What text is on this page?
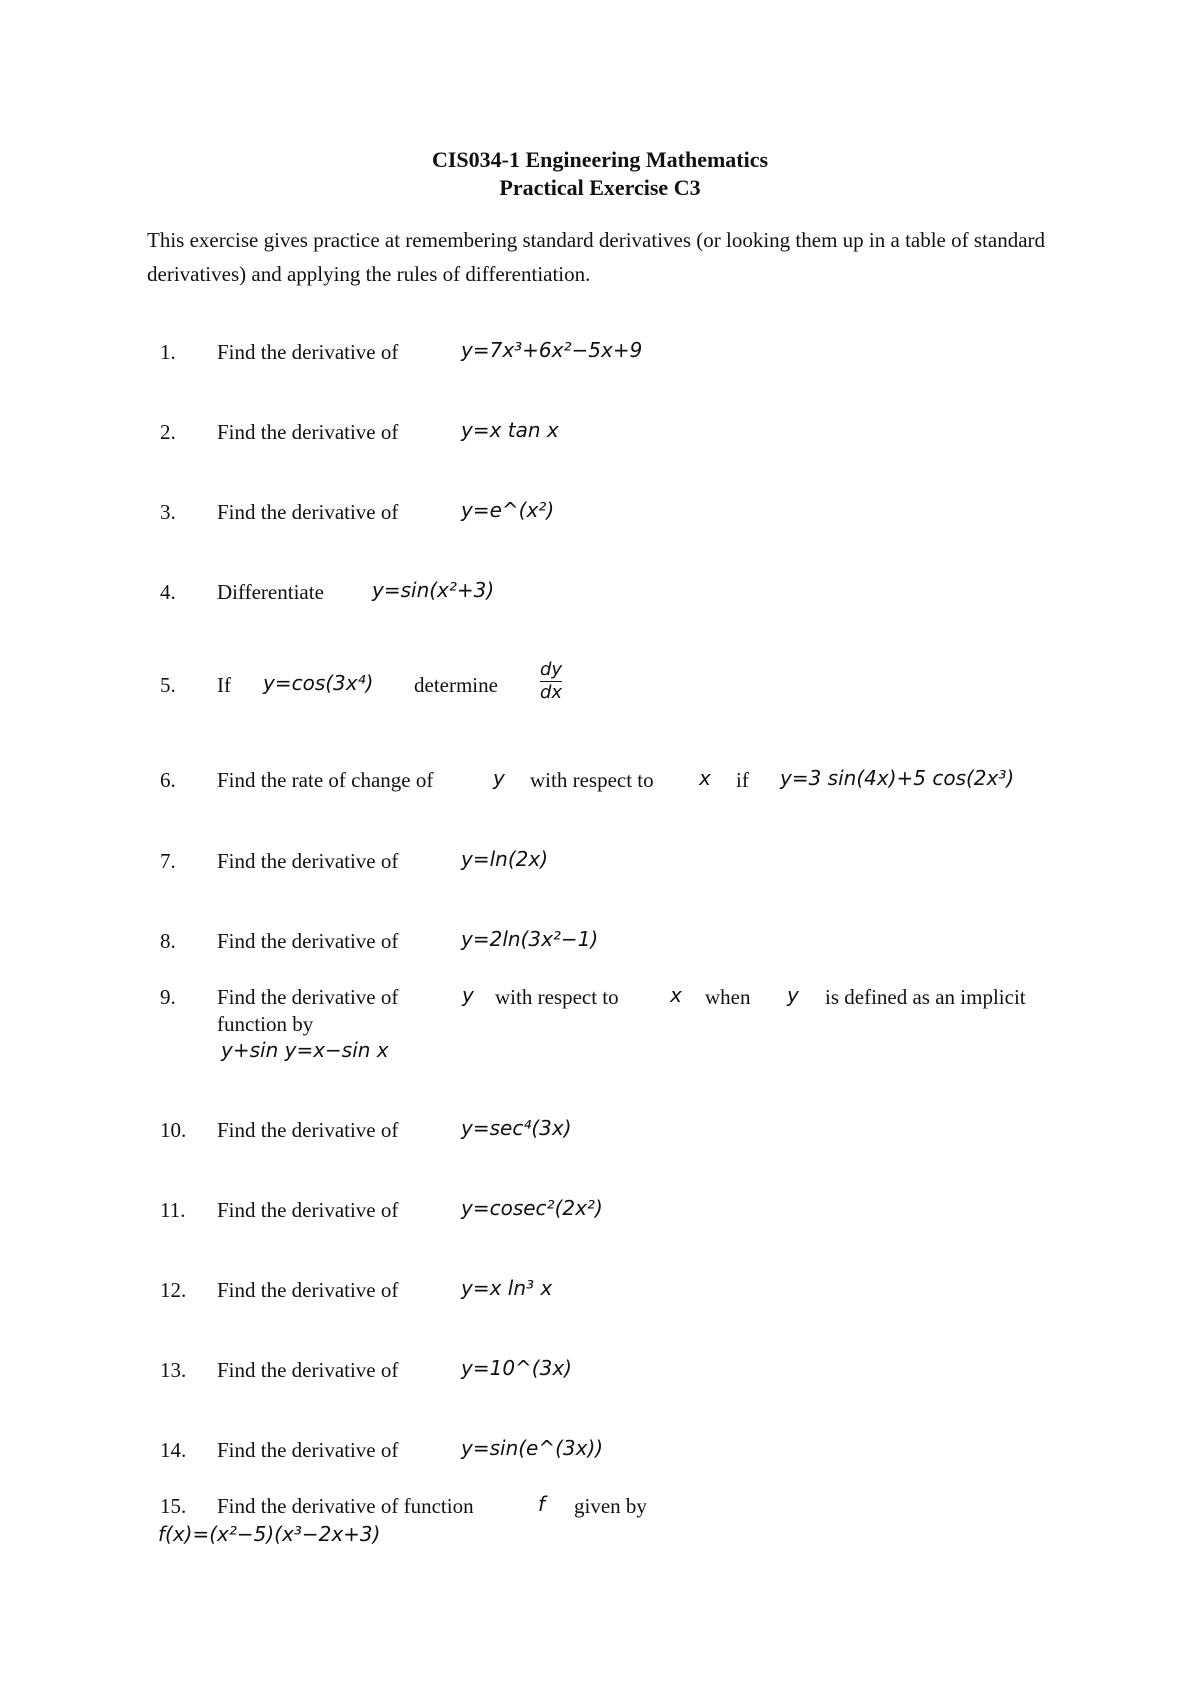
CIS034-1 Engineering Mathematics
Practical Exercise C3
This exercise gives practice at remembering standard derivatives (or looking them up in a table of standard derivatives) and applying the rules of differentiation.
1. Find the derivative of	y=7x³+6x²−5x+9
2. Find the derivative of	y=x tan x
3. Find the derivative of	y=e^(x²)
4. Differentiate y=sin(x²+3)
5. If y=cos(3x⁴) determine $\frac{dy}{dx}$
6. Find the rate of change of	y with respect to x if y=3 sin(4x)+5 cos(2x³)
7. Find the derivative of	y=ln(2x)
8. Find the derivative of	y=2ln(3x²−1)
9. Find the derivative of	y with respect to	x when y is defined as an implicit
function by
y+sin y=x−sin x
10. Find the derivative of	y=sec⁴(3x)
11. Find the derivative of	y=cosec²(2x²)
12. Find the derivative of	y=x ln³ x
13. Find the derivative of	y=10^(3x)
14. Find the derivative of	y=sin(e^(3x))
15. Find the derivative of function	f given by
f(x)=(x²−5)(x³−2x+3)
